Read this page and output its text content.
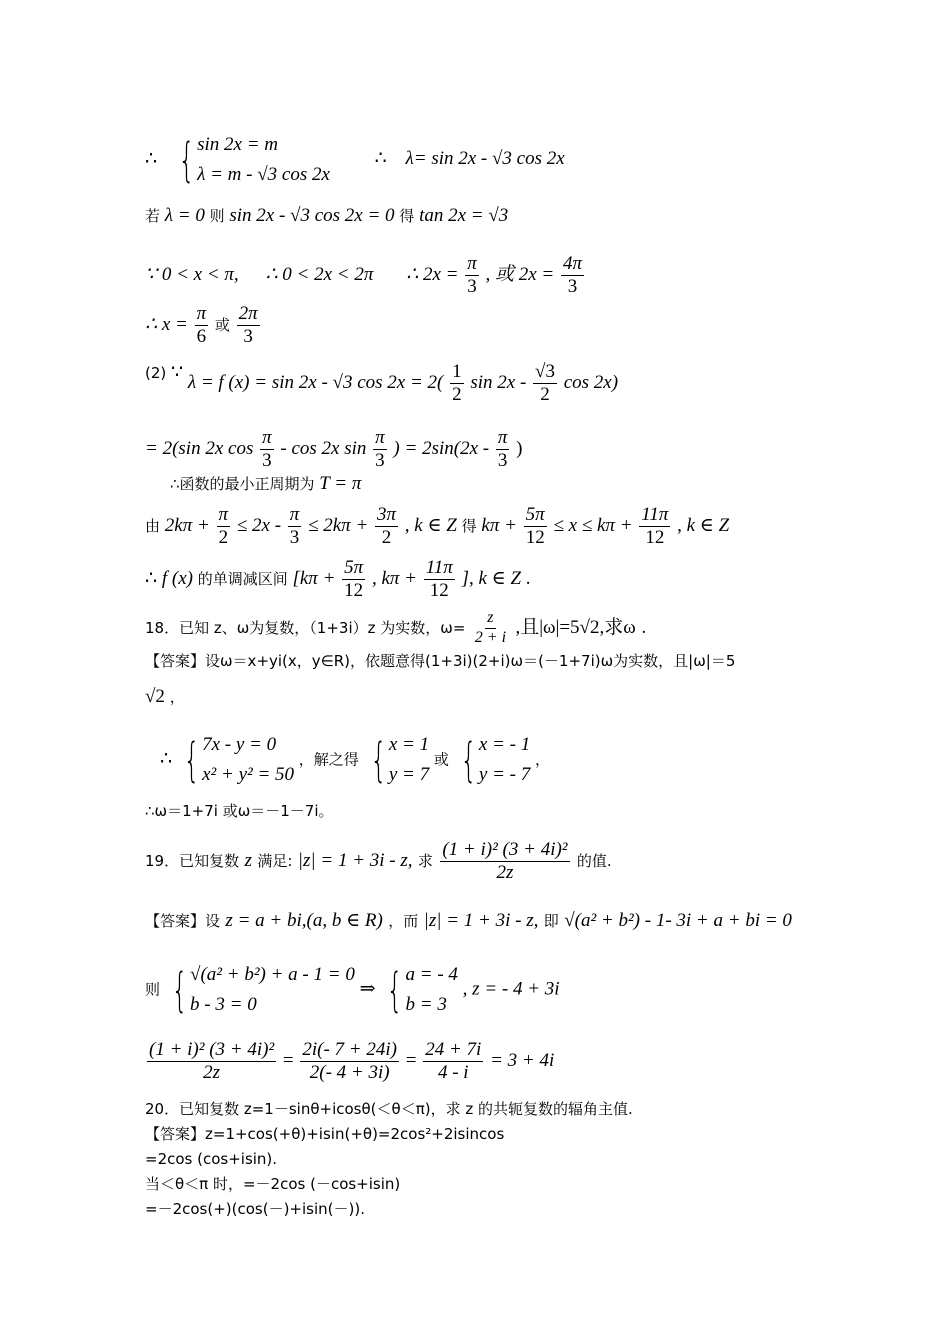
∴ { sin 2x = m
λ = m - √3 cos 2x
∴ λ= sin 2x - √3 cos 2x
若 λ = 0 则 sin 2x - √3 cos 2x = 0 得 tan 2x = √3
∵ 0 < x < π, ∴ 0 < 2x < 2π ∴ $2x = \frac{\pi}{3}$ , 或 $2x = \frac{4\pi}{3}$
∴ $x = \frac{\pi}{6}$ 或 $\frac{2\pi}{3}$
$^{(2)}$ ∵ λ = f (x) = sin 2x - √3 $\cos 2x = 2( \frac{1}{2}$ $\sin 2x - \frac{√3}{2}$ cos 2x)
= 2(sin 2x $\cos \frac{\pi}{3}$ - cos 2x $\sin \frac{\pi}{3}$ ) = $2\sin(2x - \frac{\pi}{3}$ )
∴函数的最小正周期为 T = π
由 $2k\pi + \frac{\pi}{2} \le 2x - \frac{\pi}{3} \le 2k\pi + \frac{3\pi}{2}$ , k ∈ Z 得 $k\pi + \frac{5\pi}{12} \le x \le k\pi + \frac{11\pi}{12}$ , k ∈ Z
∴ f (x) 的单调减区间 [$k\pi + \frac{5\pi}{12}$ , $k\pi + \frac{11\pi}{12}$ ], k ∈ Z .
18．已知 z、ω为复数，（1+3i）z 为实数，$\omega= \frac{z}{2 + i}$ ,且|ω|=5√2,求ω .
【答案】设ω＝x+yi(x，y∈R)，依题意得(1+3i)(2+i)ω＝(－1+7i)ω为实数，且|ω|＝5
√2 ，
∴ { 7x - y = 0
x² + y² = 50
，解之得 { x = 1
y = 7
或 { x = - 1
y = - 7
，
∴ω＝1+7i 或ω＝－1－7i。
19．已知复数 z 满足: |z| = 1 + 3i - z, 求 $\frac{\text{(1 + i)² (3 + 4i)²}}{2z}$ 的值.
【答案】设 z = a + bi,(a, b ∈ R) ，而 |z| = 1 + 3i - z, 即 √(a² + b²) - 1- 3i + a + bi = 0
则 { √(a² + b²) + a - 1 = 0
b - 3 = 0
⇒ { a = - 4
b = 3
, z = - 4 + 3i
$\frac{\text{(1 + i)² (3 + 4i)²}}{2z} = \frac{2i(- 7 + 24i)}{2(- 4 + 3i)} = \frac{24 + 7i}{4 - i} = 3 + 4i$
20．已知复数 z=1－sinθ+icosθ(＜θ＜π)，求 z 的共轭复数的辐角主值.
【答案】z=1+cos(+θ)+isin(+θ)=2cos²+2isincos
=2cos (cos+isin).
当＜θ＜π 时，=－2cos (－cos+isin)
=－2cos(+)(cos(－)+isin(－)).
